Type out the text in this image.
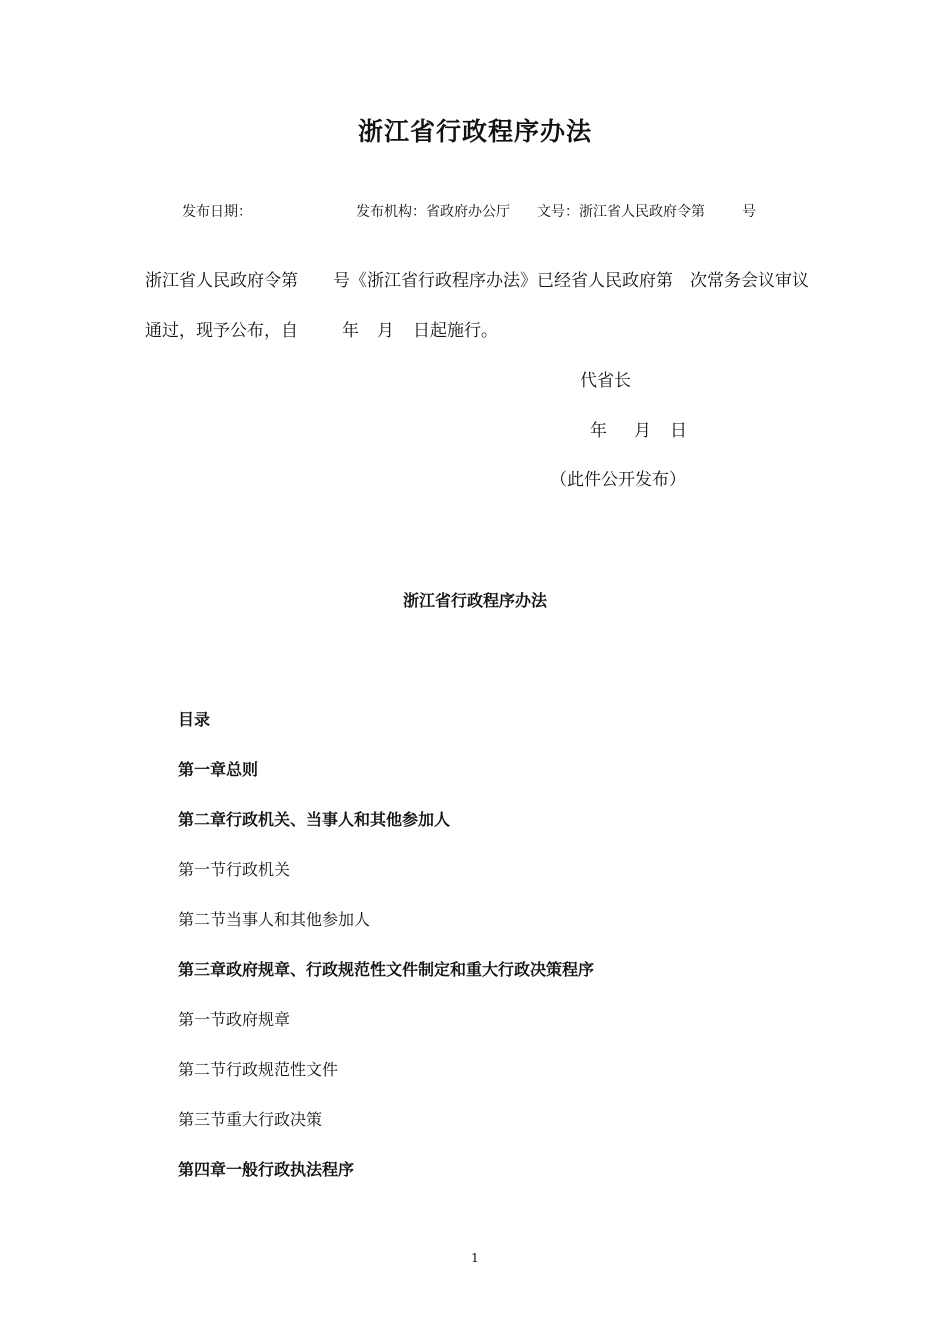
浙江省行政程序办法
发布日期：	发布机构：省政府办公厅 文号：浙江省人民政府令第	号
浙江省人民政府令第 号《浙江省行政程序办法》已经省人民政府第 次常务会议审议
通过，现予公布，自	年 月 日起施行。
代省长
年 月 日
（此件公开发布）
浙江省行政程序办法
目录
第一章总则
第二章行政机关、当事人和其他参加人
第一节行政机关
第二节当事人和其他参加人
第三章政府规章、行政规范性文件制定和重大行政决策程序
第一节政府规章
第二节行政规范性文件
第三节重大行政决策
第四章一般行政执法程序
1
